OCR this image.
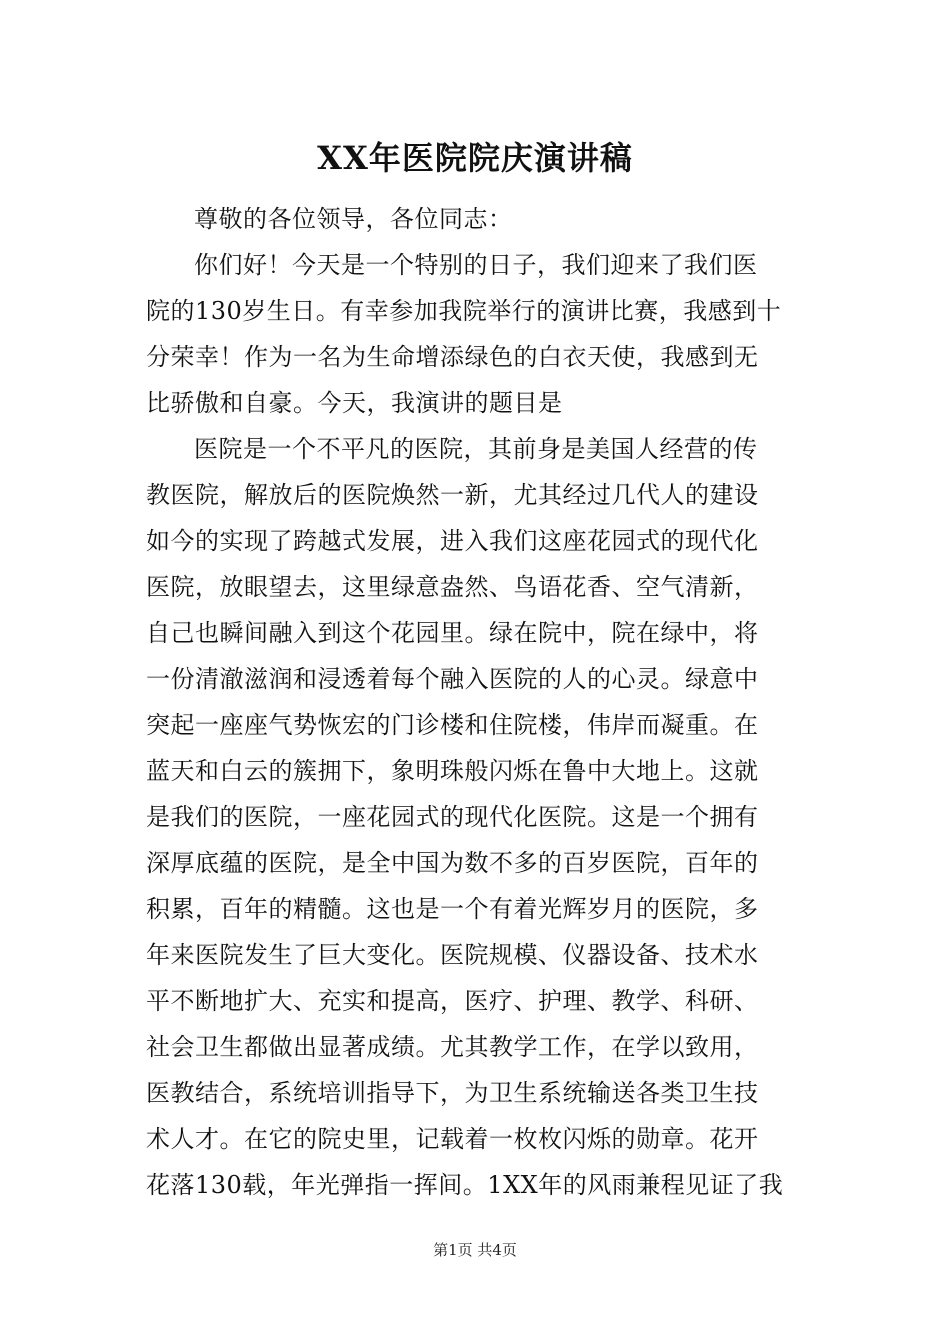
XX年医院院庆演讲稿
尊敬的各位领导，各位同志：
你们好！今天是一个特别的日子，我们迎来了我们医
院的130岁生日。有幸参加我院举行的演讲比赛，我感到十
分荣幸！作为一名为生命增添绿色的白衣天使，我感到无
比骄傲和自豪。今天，我演讲的题目是
医院是一个不平凡的医院，其前身是美国人经营的传
教医院，解放后的医院焕然一新，尤其经过几代人的建设
如今的实现了跨越式发展，进入我们这座花园式的现代化
医院，放眼望去，这里绿意盎然、鸟语花香、空气清新，
自己也瞬间融入到这个花园里。绿在院中，院在绿中，将
一份清澈滋润和浸透着每个融入医院的人的心灵。绿意中
突起一座座气势恢宏的门诊楼和住院楼，伟岸而凝重。在
蓝天和白云的簇拥下，象明珠般闪烁在鲁中大地上。这就
是我们的医院，一座花园式的现代化医院。这是一个拥有
深厚底蕴的医院，是全中国为数不多的百岁医院，百年的
积累，百年的精髓。这也是一个有着光辉岁月的医院，多
年来医院发生了巨大变化。医院规模、仪器设备、技术水
平不断地扩大、充实和提高，医疗、护理、教学、科研、
社会卫生都做出显著成绩。尤其教学工作，在学以致用，
医教结合，系统培训指导下，为卫生系统输送各类卫生技
术人才。在它的院史里，记载着一枚枚闪烁的勋章。花开
花落130载，年光弹指一挥间。1XX年的风雨兼程见证了我
第1页 共4页
